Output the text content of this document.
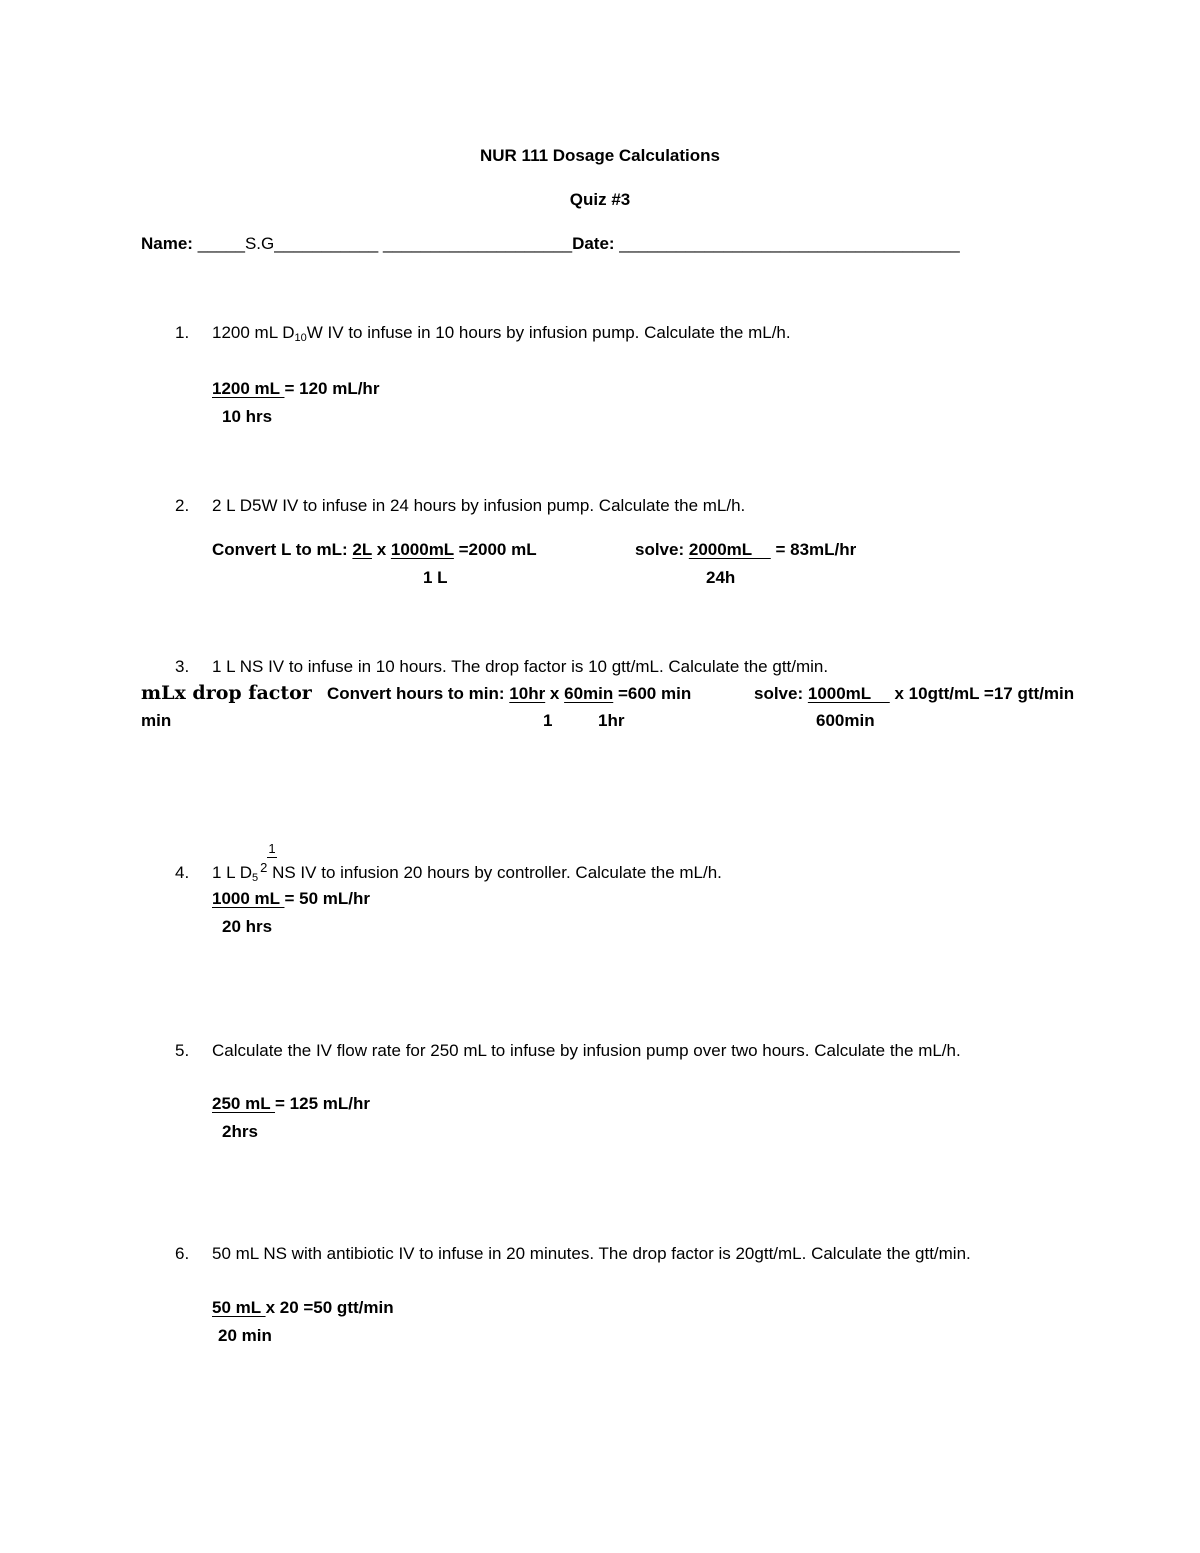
NUR 111 Dosage Calculations
Quiz #3
Name: _____S.G___________ ____________________Date: ____________________________________
1. 1200 mL $D_{10}W$ IV to infuse in 10 hours by infusion pump. Calculate the mL/h.
1200 mL = 120 mL/hr
10 hrs
2. 2 L D5W IV to infuse in 24 hours by infusion pump. Calculate the mL/h.
Convert L to mL: 2L x 1000mL =2000 mL
1 L
solve: 2000mL     = 83mL/hr
24h
3. 1 L NS IV to infuse in 10 hours. The drop factor is 10 gtt/mL. Calculate the gtt/min.
mLx drop factor
min
Convert hours to min: 10hr x 60min =600 min
1	1hr
solve: 1000mL     x 10gtt/mL =17 gtt/min
600min
1
4. 1 L $D_5^2$ NS IV to infusion 20 hours by controller. Calculate the mL/h.
1000 mL = 50 mL/hr
20 hrs
5. Calculate the IV flow rate for 250 mL to infuse by infusion pump over two hours. Calculate the mL/h.
250 mL = 125 mL/hr
2hrs
6. 50 mL NS with antibiotic IV to infuse in 20 minutes. The drop factor is 20gtt/mL. Calculate the gtt/min.
50 mL x 20 =50 gtt/min
20 min
